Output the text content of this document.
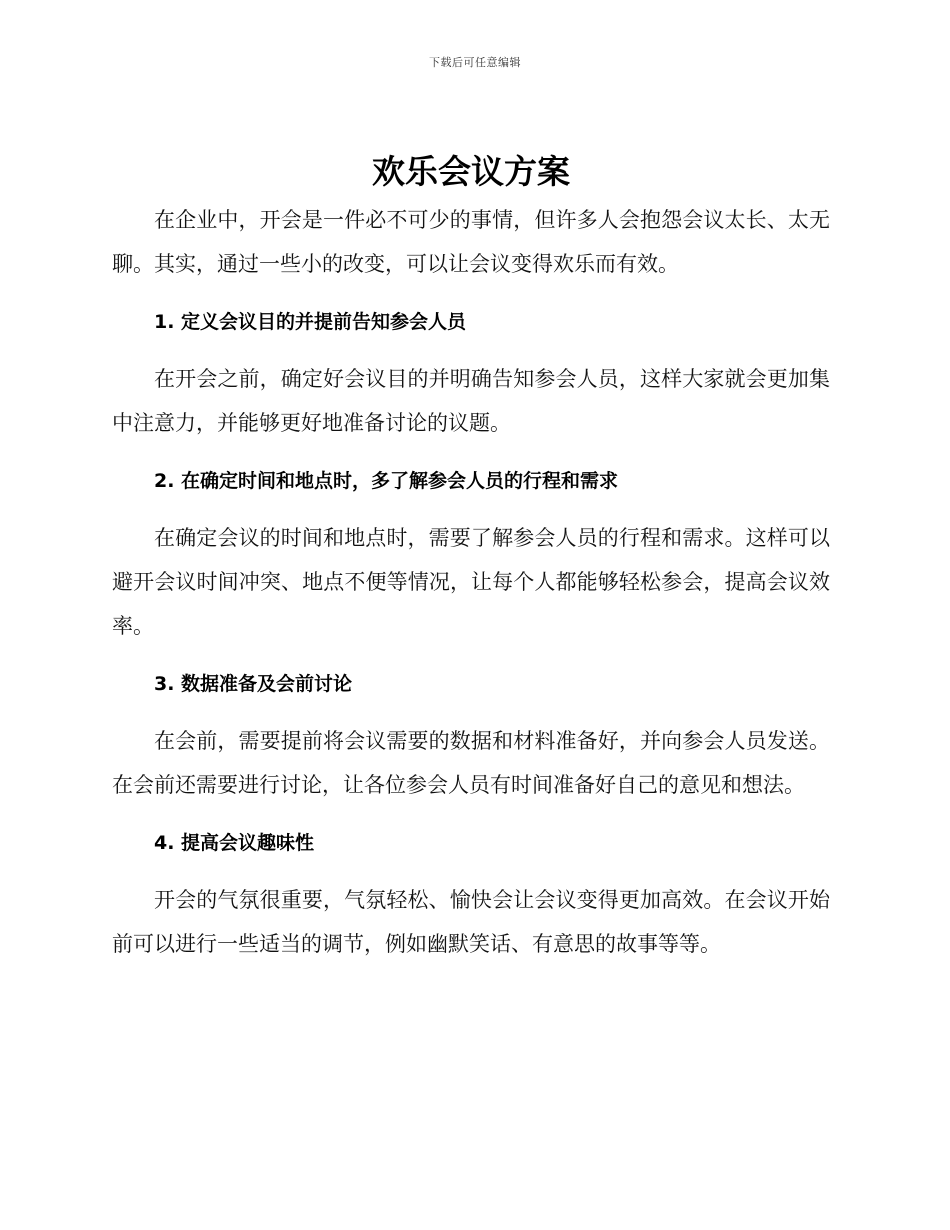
下载后可任意编辑
欢乐会议方案

在企业中，开会是一件必不可少的事情，但许多人会抱怨会议太长、太无聊。其实，通过一些小的改变，可以让会议变得欢乐而有效。

1. 定义会议目的并提前告知参会人员

在开会之前，确定好会议目的并明确告知参会人员，这样大家就会更加集中注意力，并能够更好地准备讨论的议题。

2. 在确定时间和地点时，多了解参会人员的行程和需求

在确定会议的时间和地点时，需要了解参会人员的行程和需求。这样可以避开会议时间冲突、地点不便等情况，让每个人都能够轻松参会，提高会议效率。

3. 数据准备及会前讨论

在会前，需要提前将会议需要的数据和材料准备好，并向参会人员发送。在会前还需要进行讨论，让各位参会人员有时间准备好自己的意见和想法。

4. 提高会议趣味性

开会的气氛很重要，气氛轻松、愉快会让会议变得更加高效。在会议开始前可以进行一些适当的调节，例如幽默笑话、有意思的故事等等。
